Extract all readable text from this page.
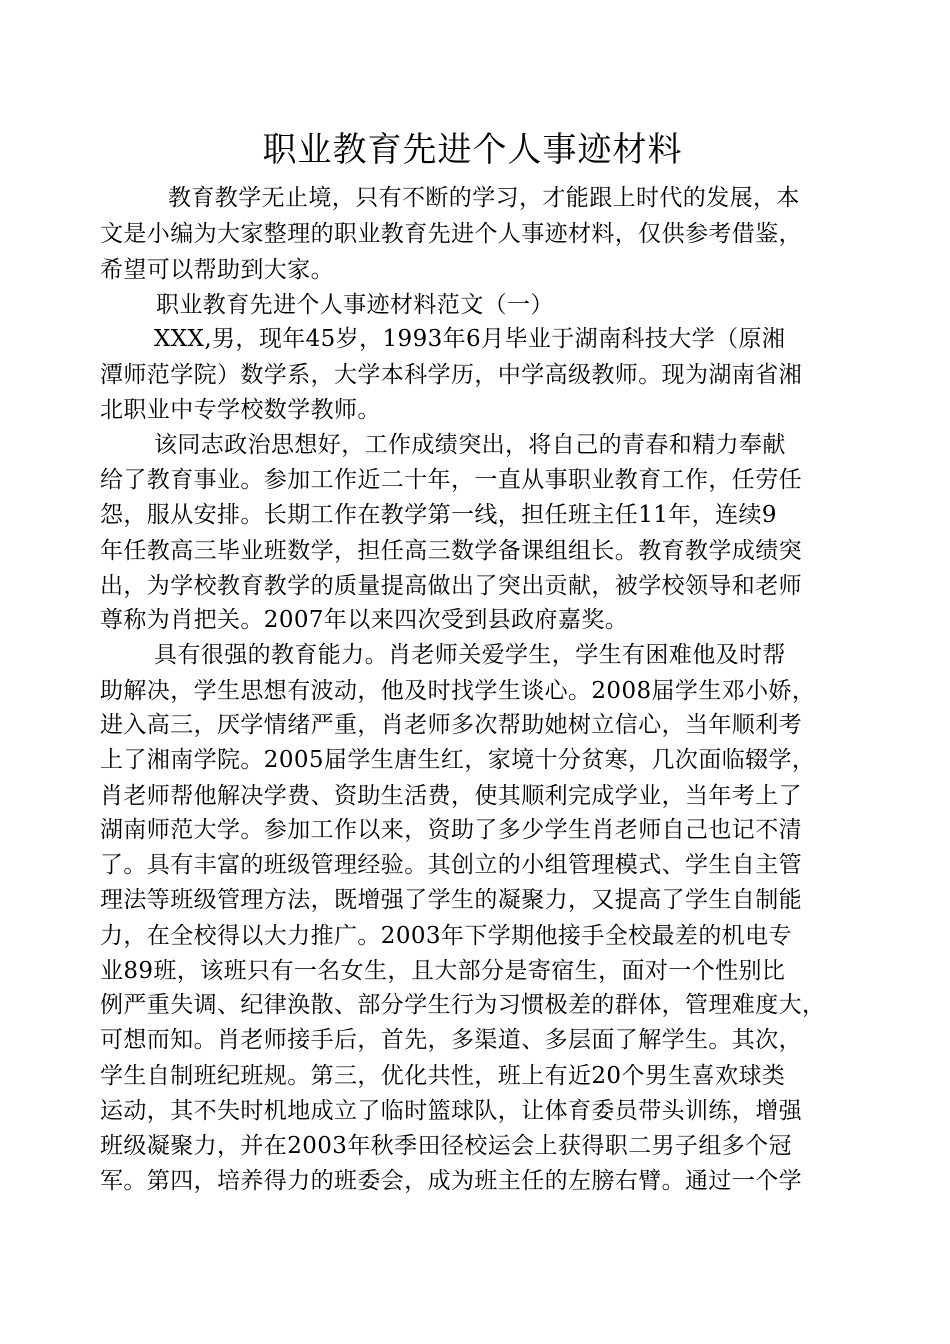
职业教育先进个人事迹材料
教育教学无止境，只有不断的学习，才能跟上时代的发展，本
文是小编为大家整理的职业教育先进个人事迹材料，仅供参考借鉴，
希望可以帮助到大家。
职业教育先进个人事迹材料范文（一）
XXX,男，现年45岁，1993年6月毕业于湖南科技大学（原湘
潭师范学院）数学系，大学本科学历，中学高级教师。现为湖南省湘
北职业中专学校数学教师。
该同志政治思想好，工作成绩突出，将自己的青春和精力奉献
给了教育事业。参加工作近二十年，一直从事职业教育工作，任劳任
怨，服从安排。长期工作在教学第一线，担任班主任11年，连续9
年任教高三毕业班数学，担任高三数学备课组组长。教育教学成绩突
出，为学校教育教学的质量提高做出了突出贡献，被学校领导和老师
尊称为肖把关。2007年以来四次受到县政府嘉奖。
具有很强的教育能力。肖老师关爱学生，学生有困难他及时帮
助解决，学生思想有波动，他及时找学生谈心。2008届学生邓小娇，
进入高三，厌学情绪严重，肖老师多次帮助她树立信心，当年顺利考
上了湘南学院。2005届学生唐生红，家境十分贫寒，几次面临辍学，
肖老师帮他解决学费、资助生活费，使其顺利完成学业，当年考上了
湖南师范大学。参加工作以来，资助了多少学生肖老师自己也记不清
了。具有丰富的班级管理经验。其创立的小组管理模式、学生自主管
理法等班级管理方法，既增强了学生的凝聚力，又提高了学生自制能
力，在全校得以大力推广。2003年下学期他接手全校最差的机电专
业89班，该班只有一名女生，且大部分是寄宿生，面对一个性别比
例严重失调、纪律涣散、部分学生行为习惯极差的群体，管理难度大，
可想而知。肖老师接手后，首先，多渠道、多层面了解学生。其次，
学生自制班纪班规。第三，优化共性，班上有近20个男生喜欢球类
运动，其不失时机地成立了临时篮球队，让体育委员带头训练，增强
班级凝聚力，并在2003年秋季田径校运会上获得职二男子组多个冠
军。第四，培养得力的班委会，成为班主任的左膀右臂。通过一个学
